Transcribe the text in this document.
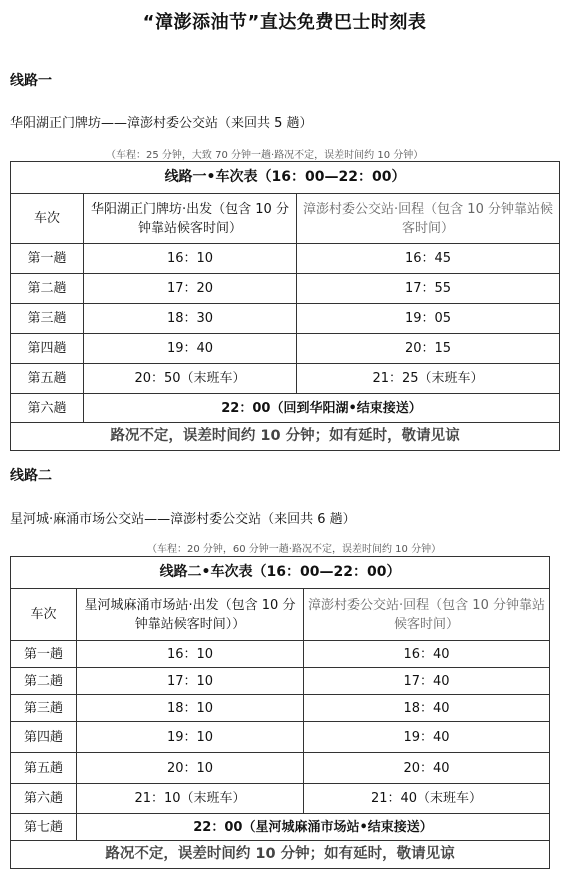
“漳澎添油节”直达免费巴士时刻表
线路一
华阳湖正门牌坊——漳澎村委公交站（来回共 5 趟）
（车程：25 分钟，大致 70 分钟一趟·路况不定，误差时间约 10 分钟）
线路一•车次表（16：00—22：00）		
车次	华阳湖正门牌坊·出发（包含 10 分钟靠站候客时间）	漳澎村委公交站·回程（包含 10 分钟靠站候客时间）
第一趟	16：10	16：45
第二趟	17：20	17：55
第三趟	18：30	19：05
第四趟	19：40	20：15
第五趟	20：50（末班车）	21：25（末班车）
第六趟	22：00（回到华阳湖•结束接送）	
路况不定，误差时间约 10 分钟；如有延时，敬请见谅		
线路二
星河城·麻涌市场公交站——漳澎村委公交站（来回共 6 趟）
（车程：20 分钟，60 分钟一趟·路况不定，误差时间约 10 分钟）
线路二•车次表（16：00—22：00）		
车次	星河城麻涌市场站·出发（包含 10 分钟靠站候客时间））	漳澎村委公交站·回程（包含 10 分钟靠站候客时间）
第一趟	16：10	16：40
第二趟	17：10	17：40
第三趟	18：10	18：40
第四趟	19：10	19：40
第五趟	20：10	20：40
第六趟	21：10（末班车）	21：40（末班车）
第七趟	22：00（星河城麻涌市场站•结束接送）	
路况不定，误差时间约 10 分钟；如有延时，敬请见谅		
